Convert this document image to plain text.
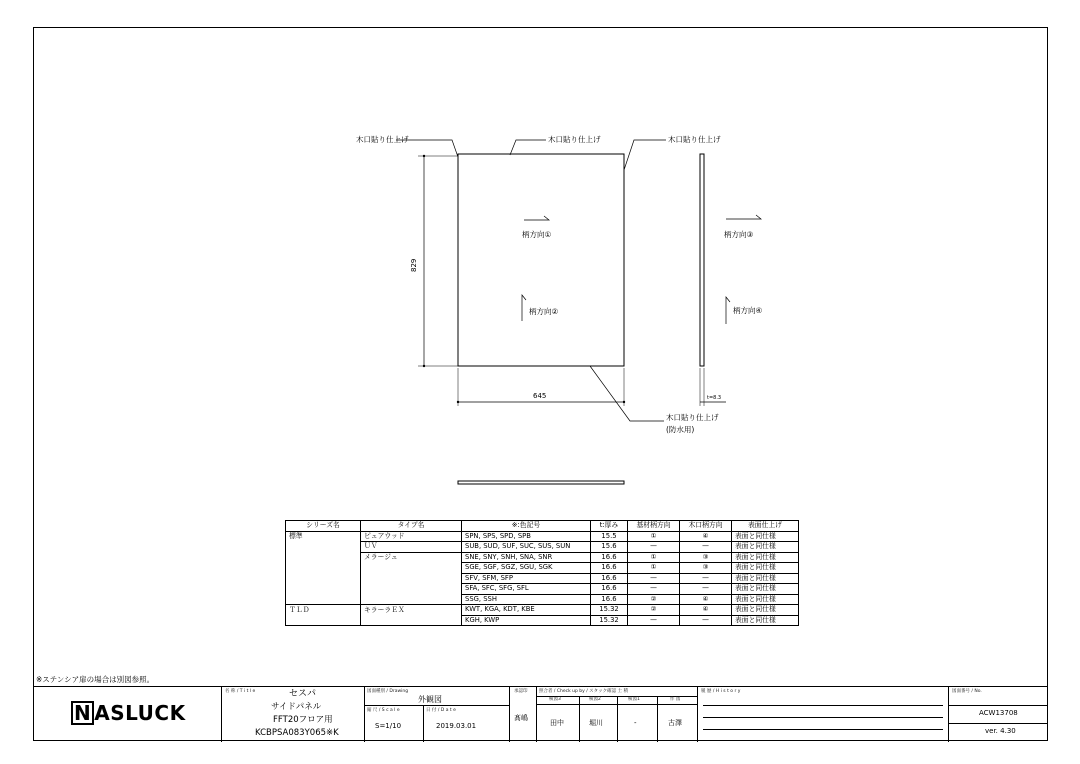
木口貼り仕上げ	木口貼り仕上げ	木口貼り仕上げ
木口貼り仕上げ
(防水用)
柄方向①
柄方向②
柄方向③
柄方向④
829
645	t=8.3
シリーズ名	タイプ名	※:色記号	t:厚み	基材柄方向	木口柄方向	表面仕上げ
標準	ピュアウッド	SPN, SPS, SPD, SPB	15.5	①	④	表面と同仕様
	ＵＶ	SUB, SUD, SUF, SUC, SUS, SUN	15.6	—	—	表面と同仕様
	メラージュ	SNE, SNY, SNH, SNA, SNR	16.6	①	③	表面と同仕様
		SGE, SGF, SGZ, SGU, SGK	16.6	①	③	表面と同仕様
		SFV, SFM, SFP	16.6	—	—	表面と同仕様
		SFA, SFC, SFG, SFL	16.6	—	—	表面と同仕様
		SSG, SSH	16.6	②	④	表面と同仕様
ＴＬＤ	キラーラＥＸ	KWT, KGA, KDT, KBE	15.32	②	④	表面と同仕様
		KGH, KWP	15.32	—	—	表面と同仕様
※ステンシア扉の場合は別図参照。
N ASLUCK
名 称 / T i t l e	セスパ
サイドパネル
FFT20フロア用
KCBPSA083Y065※K
図面種別 / Drawing
外観図
縮 尺 / S c a l e
S=1/10
日 付 / D a t e
2019.03.01
承認印
髙嶋
照合者 / Check up by / スタック確認 土 積
検図3	検図2	検図1	作 図
田中	堀川	-	古澤
履 歴 / H i s t o r y	図面番号 / No.
ACW13708
ver. 4.30
